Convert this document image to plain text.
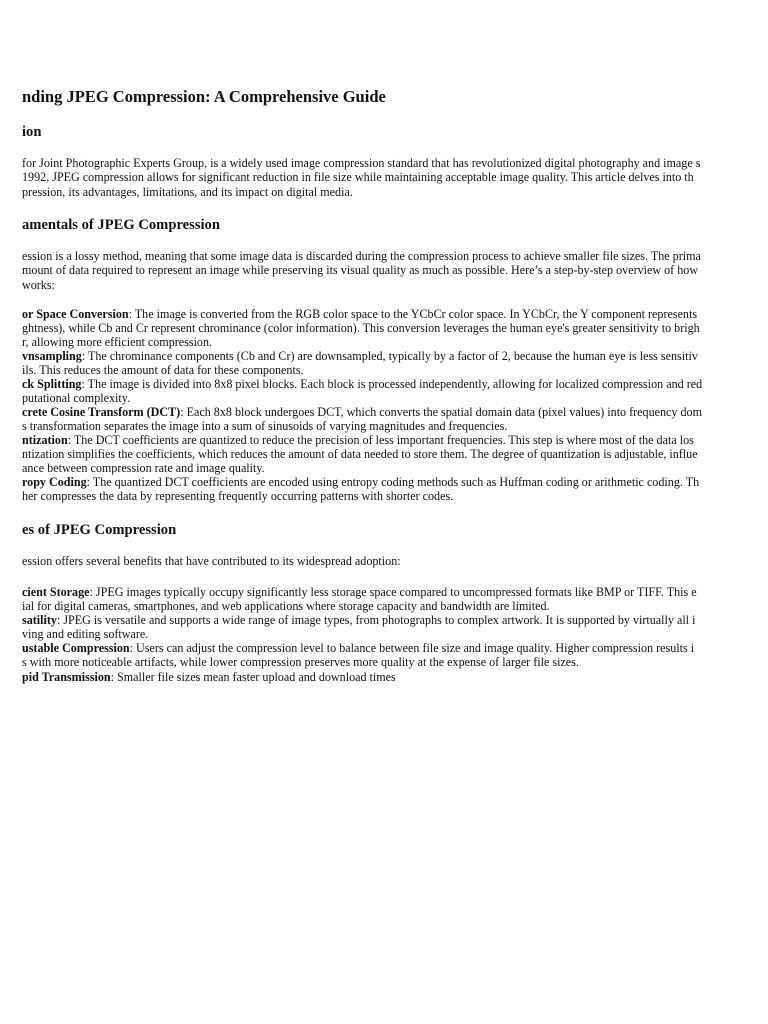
nding JPEG Compression: A Comprehensive Guide
ion
for Joint Photographic Experts Group, is a widely used image compression standard that has revolutionized digital photography and image s
1992, JPEG compression allows for significant reduction in file size while maintaining acceptable image quality. This article delves into th
pression, its advantages, limitations, and its impact on digital media.
amentals of JPEG Compression
ession is a lossy method, meaning that some image data is discarded during the compression process to achieve smaller file sizes. The prima
mount of data required to represent an image while preserving its visual quality as much as possible. Here’s a step-by-step overview of how
works:
or Space Conversion: The image is converted from the RGB color space to the YCbCr color space. In YCbCr, the Y component represents
ghtness), while Cb and Cr represent chrominance (color information). This conversion leverages the human eye's greater sensitivity to brigh
r, allowing more efficient compression.
vnsampling: The chrominance components (Cb and Cr) are downsampled, typically by a factor of 2, because the human eye is less sensitiv
ils. This reduces the amount of data for these components.
ck Splitting: The image is divided into 8x8 pixel blocks. Each block is processed independently, allowing for localized compression and red
putational complexity.
crete Cosine Transform (DCT): Each 8x8 block undergoes DCT, which converts the spatial domain data (pixel values) into frequency dom
s transformation separates the image into a sum of sinusoids of varying magnitudes and frequencies.
ntization: The DCT coefficients are quantized to reduce the precision of less important frequencies. This step is where most of the data los
ntization simplifies the coefficients, which reduces the amount of data needed to store them. The degree of quantization is adjustable, influe
ance between compression rate and image quality.
ropy Coding: The quantized DCT coefficients are encoded using entropy coding methods such as Huffman coding or arithmetic coding. Th
her compresses the data by representing frequently occurring patterns with shorter codes.
es of JPEG Compression
ession offers several benefits that have contributed to its widespread adoption:
cient Storage: JPEG images typically occupy significantly less storage space compared to uncompressed formats like BMP or TIFF. This e
ial for digital cameras, smartphones, and web applications where storage capacity and bandwidth are limited.
satility: JPEG is versatile and supports a wide range of image types, from photographs to complex artwork. It is supported by virtually all i
ving and editing software.
ustable Compression: Users can adjust the compression level to balance between file size and image quality. Higher compression results i
s with more noticeable artifacts, while lower compression preserves more quality at the expense of larger file sizes.
pid Transmission: Smaller file sizes mean faster upload and download times
